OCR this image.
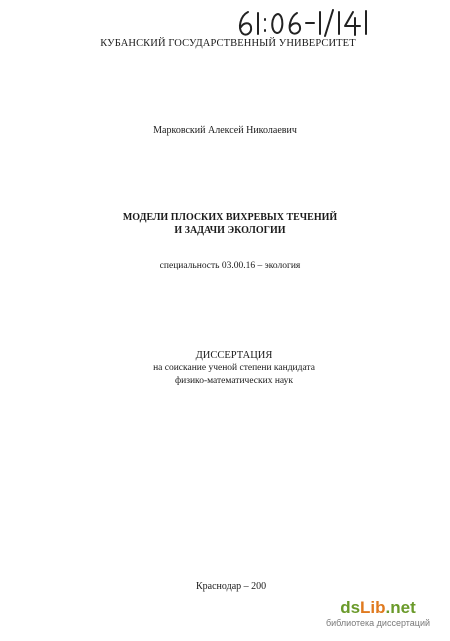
КУБАНСКИЙ ГОСУДАРСТВЕННЫЙ УНИВЕРСИТЕТ
Марковский Алексей Николаевич
МОДЕЛИ ПЛОСКИХ ВИХРЕВЫХ ТЕЧЕНИЙ
И ЗАДАЧИ ЭКОЛОГИИ
специальность 03.00.16 – экология
ДИССЕРТАЦИЯ
на соискание ученой степени кандидата
физико-математических наук
Краснодар – 200
dsLib.net
библиотека диссертаций
